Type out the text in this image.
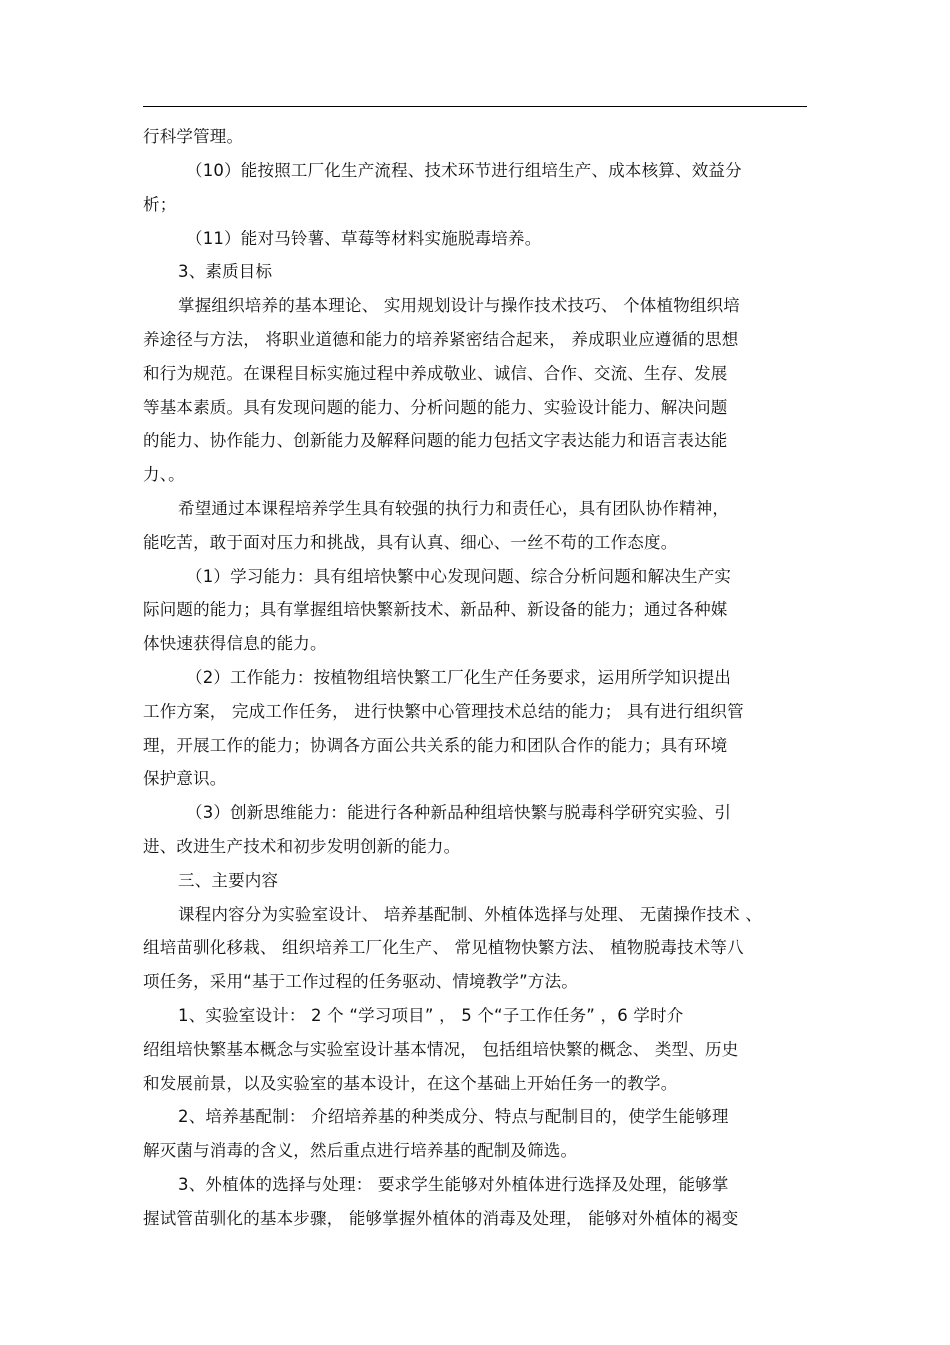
行科学管理。
（10）能按照工厂化生产流程、技术环节进行组培生产、成本核算、效益分
析；
（11）能对马铃薯、草莓等材料实施脱毒培养。
3、素质目标
掌握组织培养的基本理论、 实用规划设计与操作技术技巧、 个体植物组织培
养途径与方法， 将职业道德和能力的培养紧密结合起来， 养成职业应遵循的思想
和行为规范。在课程目标实施过程中养成敬业、诚信、合作、交流、生存、发展
等基本素质。具有发现问题的能力、分析问题的能力、实验设计能力、解决问题
的能力、协作能力、创新能力及解释问题的能力包括文字表达能力和语言表达能
力、。
希望通过本课程培养学生具有较强的执行力和责任心，具有团队协作精神，
能吃苦，敢于面对压力和挑战，具有认真、细心、一丝不苟的工作态度。
（1）学习能力：具有组培快繁中心发现问题、综合分析问题和解决生产实
际问题的能力；具有掌握组培快繁新技术、新品种、新设备的能力；通过各种媒
体快速获得信息的能力。
（2）工作能力：按植物组培快繁工厂化生产任务要求，运用所学知识提出
工作方案， 完成工作任务， 进行快繁中心管理技术总结的能力； 具有进行组织管
理，开展工作的能力；协调各方面公共关系的能力和团队合作的能力；具有环境
保护意识。
（3）创新思维能力：能进行各种新品种组培快繁与脱毒科学研究实验、引
进、改进生产技术和初步发明创新的能力。
三、主要内容
课程内容分为实验室设计、 培养基配制、外植体选择与处理、 无菌操作技术 、
组培苗驯化移栽、 组织培养工厂化生产、 常见植物快繁方法、 植物脱毒技术等八
项任务，采用“基于工作过程的任务驱动、情境教学”方法。
1、实验室设计： 2 个 “学习项目” ， 5 个“子工作任务” ，6 学时介
绍组培快繁基本概念与实验室设计基本情况， 包括组培快繁的概念、 类型、历史
和发展前景，以及实验室的基本设计，在这个基础上开始任务一的教学。
2、培养基配制： 介绍培养基的种类成分、特点与配制目的，使学生能够理
解灭菌与消毒的含义，然后重点进行培养基的配制及筛选。
3、外植体的选择与处理： 要求学生能够对外植体进行选择及处理，能够掌
握试管苗驯化的基本步骤， 能够掌握外植体的消毒及处理， 能够对外植体的褐变
